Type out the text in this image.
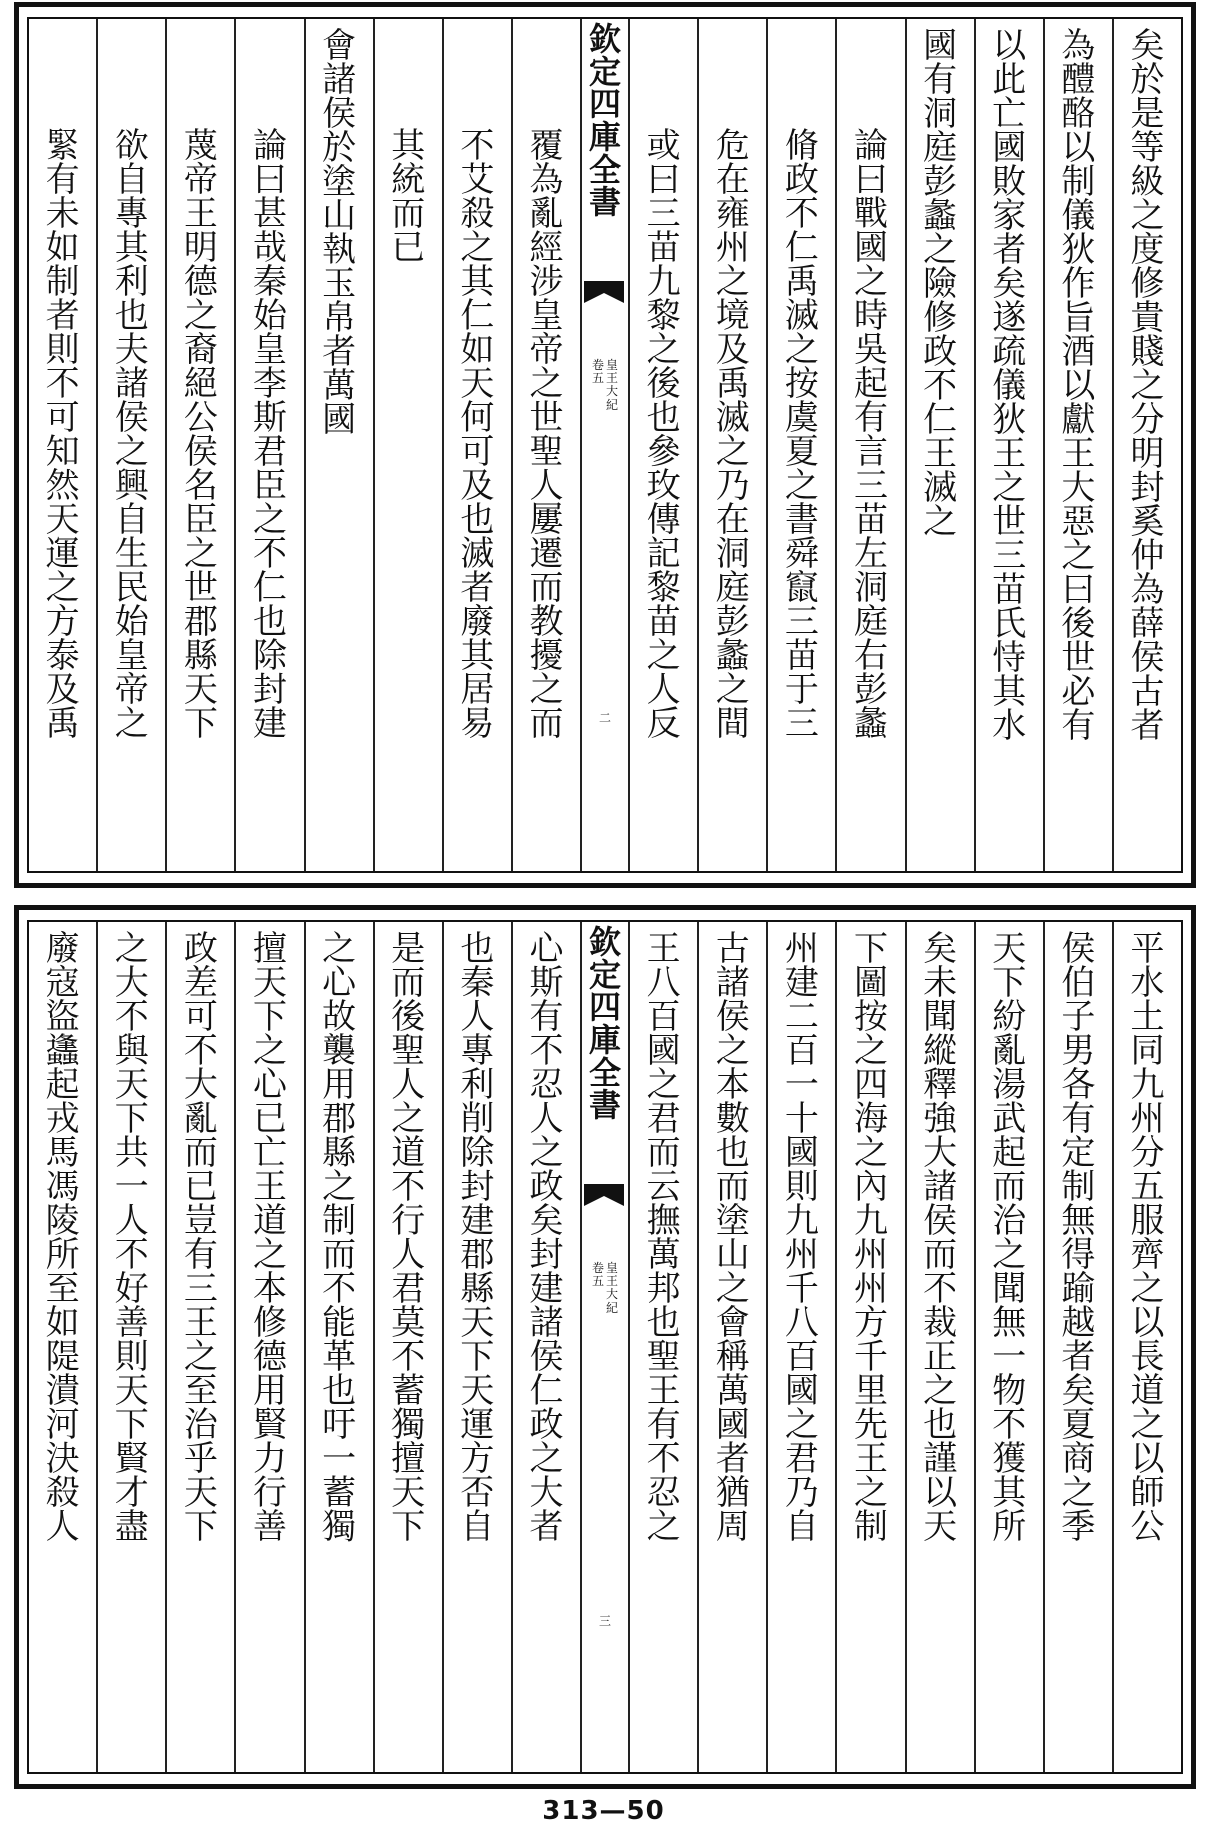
矣
於
是
等
級
之
度
修
貴
賤
之
分
明
封
奚
仲
為
薛
侯
古
者
為
醴
酪
以
制
儀
狄
作
旨
酒
以
獻
王
大
惡
之
曰
後
世
必
有
以
此
亡
國
敗
家
者
矣
遂
疏
儀
狄
王
之
世
三
苗
氏
恃
其
水
國
有
洞
庭
彭
蠡
之
險
修
政
不
仁
王
滅
之
論
曰
戰
國
之
時
吳
起
有
言
三
苗
左
洞
庭
右
彭
蠡
脩
政
不
仁
禹
滅
之
按
虞
夏
之
書
舜
竄
三
苗
于
三
危
在
雍
州
之
境
及
禹
滅
之
乃
在
洞
庭
彭
蠡
之
間
或
曰
三
苗
九
黎
之
後
也
參
玫
傳
記
黎
苗
之
人
反
欽
定
四
庫
全
書
皇
王
大
紀
卷
五
二
覆
為
亂
經
涉
皇
帝
之
世
聖
人
屢
遷
而
教
擾
之
而
不
艾
殺
之
其
仁
如
天
何
可
及
也
滅
者
廢
其
居
易
其
統
而
已
會
諸
侯
於
塗
山
執
玉
帛
者
萬
國
論
曰
甚
哉
秦
始
皇
李
斯
君
臣
之
不
仁
也
除
封
建
蔑
帝
王
明
德
之
裔
絕
公
侯
名
臣
之
世
郡
縣
天
下
欲
自
專
其
利
也
夫
諸
侯
之
興
自
生
民
始
皇
帝
之
緊
有
未
如
制
者
則
不
可
知
然
天
運
之
方
泰
及
禹
平
水
土
同
九
州
分
五
服
齊
之
以
長
道
之
以
師
公
侯
伯
子
男
各
有
定
制
無
得
踰
越
者
矣
夏
商
之
季
天
下
紛
亂
湯
武
起
而
治
之
聞
無
一
物
不
獲
其
所
矣
未
聞
縱
釋
強
大
諸
侯
而
不
裁
正
之
也
謹
以
天
下
圖
按
之
四
海
之
內
九
州
州
方
千
里
先
王
之
制
州
建
二
百
一
十
國
則
九
州
千
八
百
國
之
君
乃
自
古
諸
侯
之
本
數
也
而
塗
山
之
會
稱
萬
國
者
猶
周
王
八
百
國
之
君
而
云
撫
萬
邦
也
聖
王
有
不
忍
之
欽
定
四
庫
全
書
皇
王
大
紀
卷
五
三
心
斯
有
不
忍
人
之
政
矣
封
建
諸
侯
仁
政
之
大
者
也
秦
人
專
利
削
除
封
建
郡
縣
天
下
天
運
方
否
自
是
而
後
聖
人
之
道
不
行
人
君
莫
不
蓄
獨
擅
天
下
之
心
故
襲
用
郡
縣
之
制
而
不
能
革
也
吁
一
蓄
獨
擅
天
下
之
心
已
亡
王
道
之
本
修
德
用
賢
力
行
善
政
差
可
不
大
亂
而
已
豈
有
三
王
之
至
治
乎
天
下
之
大
不
與
天
下
共
一
人
不
好
善
則
天
下
賢
才
盡
廢
寇
盜
蠭
起
戎
馬
馮
陵
所
至
如
隄
潰
河
決
殺
人
313—50
